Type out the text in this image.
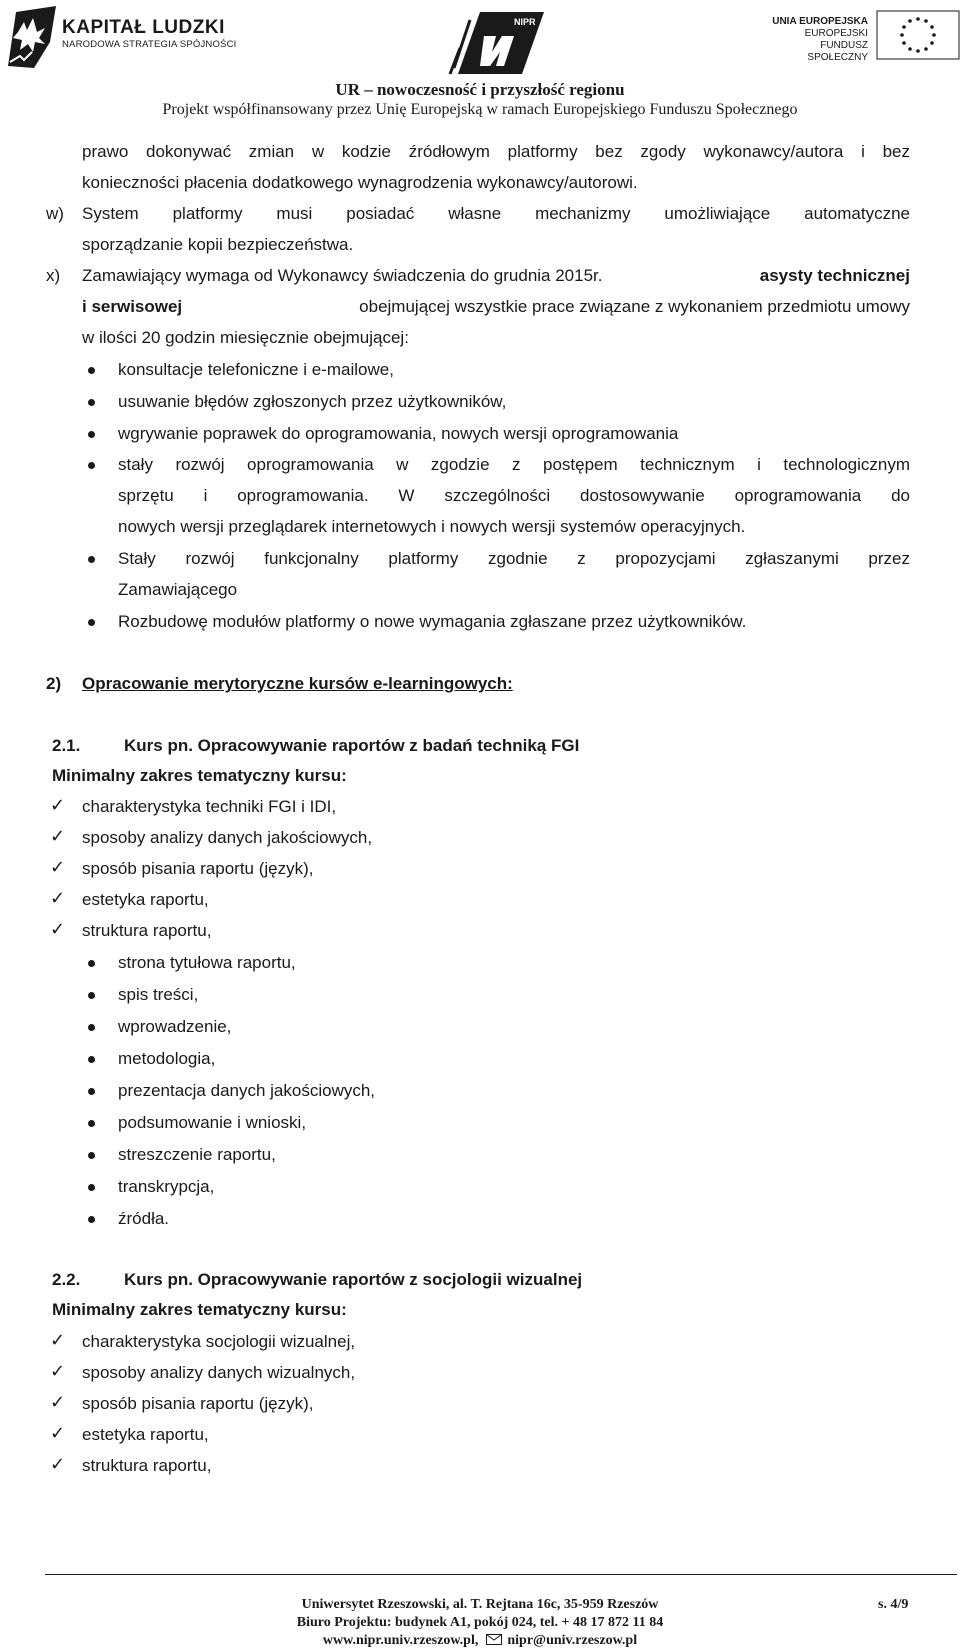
KAPITAŁ LUDZKI
NARODOWA STRATEGIA SPÓJNOŚCI
NIPR	UNIA EUROPEJSKA
EUROPEJSKI
FUNDUSZ SPOŁECZNY
UR – nowoczesność i przyszłość regionu
Projekt współfinansowany przez Unię Europejską w ramach Europejskiego Funduszu Społecznego
prawo dokonywać zmian w kodzie źródłowym platformy bez zgody wykonawcy/autora i bez
konieczności płacenia dodatkowego wynagrodzenia wykonawcy/autorowi.
w) System platformy musi posiadać własne mechanizmy umożliwiające automatyczne
sporządzanie kopii bezpieczeństwa.
x) Zamawiający wymaga od Wykonawcy świadczenia do grudnia 2015r.	asysty technicznej
i serwisowej	obejmującej wszystkie prace związane z wykonaniem przedmiotu umowy
w ilości 20 godzin miesięcznie obejmującej:
konsultacje telefoniczne i e-mailowe,
usuwanie błędów zgłoszonych przez użytkowników,
wgrywanie poprawek do oprogramowania, nowych wersji oprogramowania
stały rozwój oprogramowania w zgodzie z postępem technicznym i technologicznym
sprzętu i oprogramowania. W szczególności dostosowywanie oprogramowania do
nowych wersji przeglądarek internetowych i nowych wersji systemów operacyjnych.
Stały rozwój funkcjonalny platformy zgodnie z propozycjami zgłaszanymi przez
Zamawiającego
Rozbudowę modułów platformy o nowe wymagania zgłaszane przez użytkowników.
2) Opracowanie merytoryczne kursów e-learningowych:
2.1.	Kurs pn. Opracowywanie raportów z badań techniką FGI
Minimalny zakres tematyczny kursu:
✓ charakterystyka techniki FGI i IDI,
✓ sposoby analizy danych jakościowych,
✓ sposób pisania raportu (język),
✓ estetyka raportu,
✓ struktura raportu,
strona tytułowa raportu,
spis treści,
wprowadzenie,
metodologia,
prezentacja danych jakościowych,
podsumowanie i wnioski,
streszczenie raportu,
transkrypcja,
źródła.
2.2.	Kurs pn. Opracowywanie raportów z socjologii wizualnej
Minimalny zakres tematyczny kursu:
✓ charakterystyka socjologii wizualnej,
✓ sposoby analizy danych wizualnych,
✓ sposób pisania raportu (język),
✓ estetyka raportu,
✓ struktura raportu,
Uniwersytet Rzeszowski, al. T. Rejtana 16c, 35-959 Rzeszów
Biuro Projektu: budynek A1, pokój 024, tel. + 48 17 872 11 84
www.nipr.univ.rzeszow.pl, nipr@univ.rzeszow.pl
s. 4/9
